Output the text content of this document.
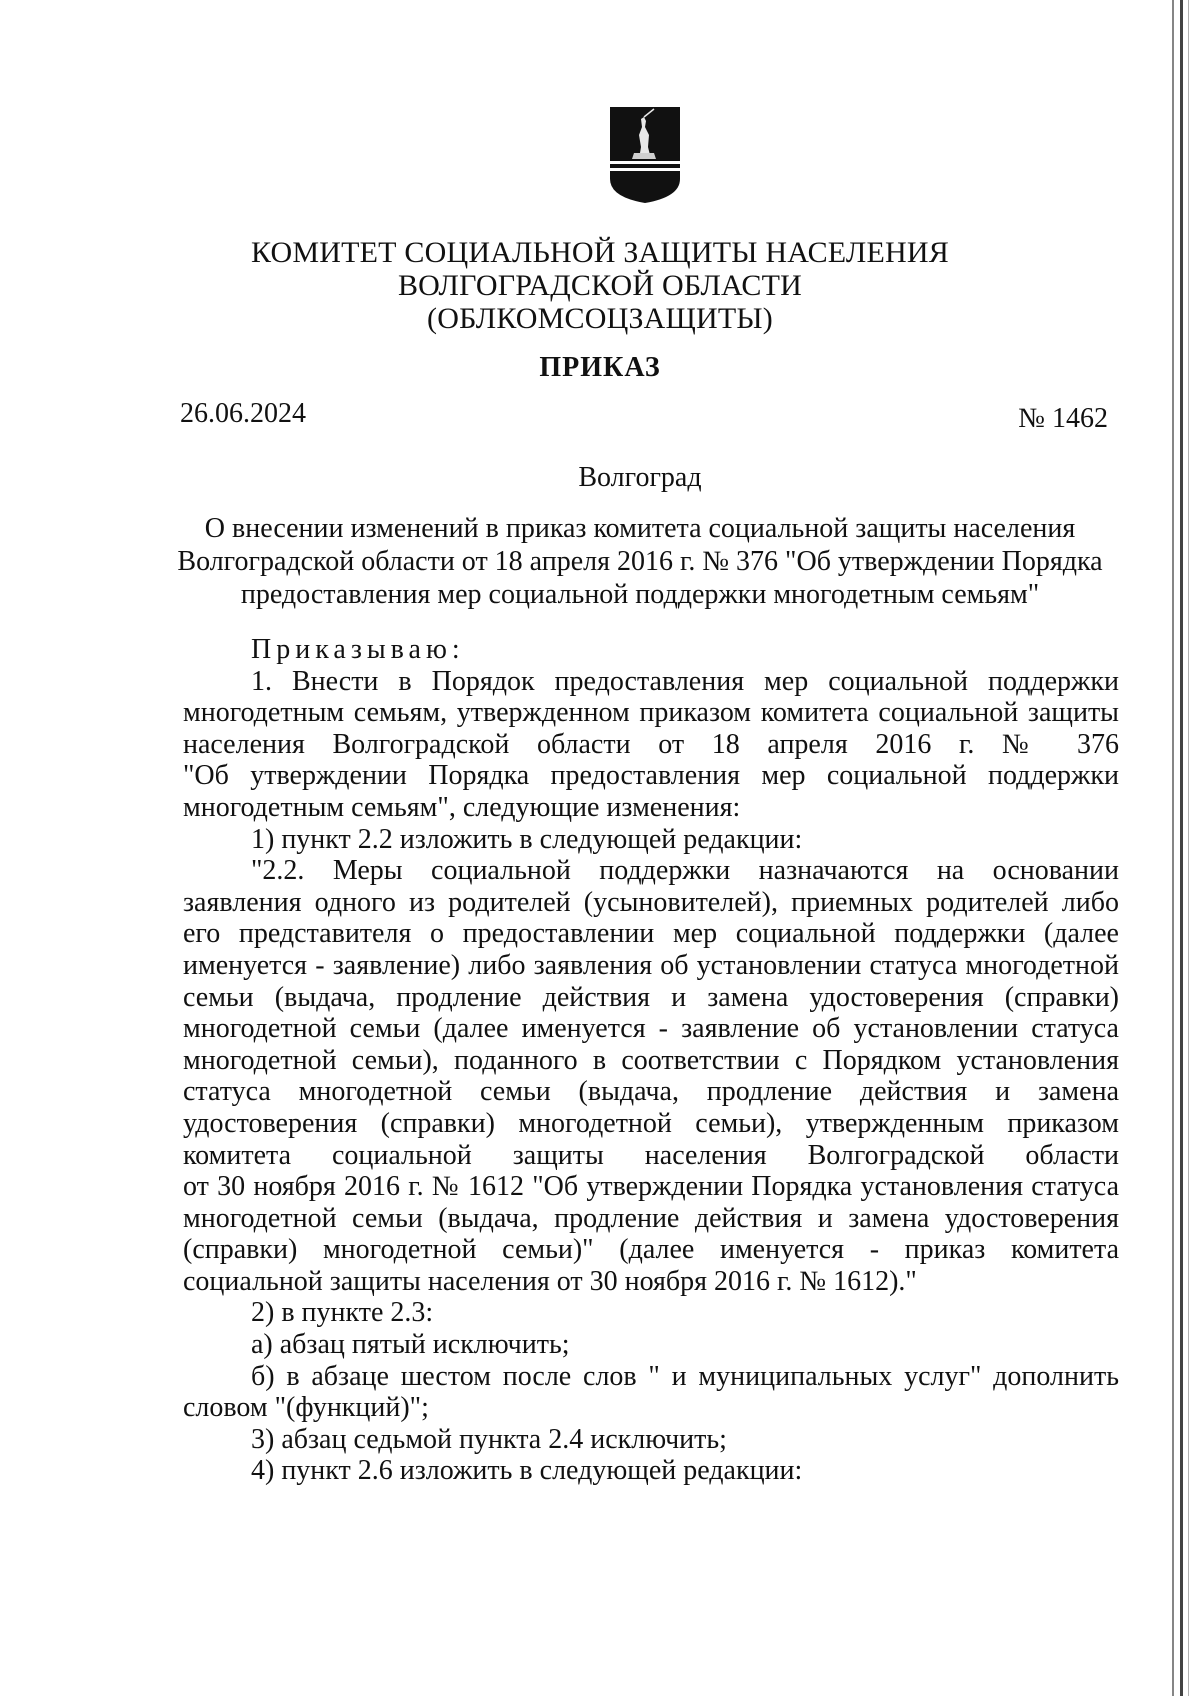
КОМИТЕТ СОЦИАЛЬНОЙ ЗАЩИТЫ НАСЕЛЕНИЯ
ВОЛГОГРАДСКОЙ ОБЛАСТИ
(ОБЛКОМСОЦЗАЩИТЫ)
ПРИКАЗ
26.06.2024	№ 1462
Волгоград
О внесении изменений в приказ комитета социальной защиты населения
Волгоградской области от 18 апреля 2016 г. № 376 "Об утверждении Порядка
предоставления мер социальной поддержки многодетным семьям"
Приказываю:
1. Внести в Порядок предоставления мер социальной поддержки
многодетным семьям, утвержденном приказом комитета социальной защиты
населения Волгоградской области от 18 апреля 2016 г. № 376
"Об утверждении Порядка предоставления мер социальной поддержки
многодетным семьям", следующие изменения:
1) пункт 2.2 изложить в следующей редакции:
"2.2. Меры социальной поддержки назначаются на основании
заявления одного из родителей (усыновителей), приемных родителей либо
его представителя о предоставлении мер социальной поддержки (далее
именуется - заявление) либо заявления об установлении статуса многодетной
семьи (выдача, продление действия и замена удостоверения (справки)
многодетной семьи (далее именуется - заявление об установлении статуса
многодетной семьи), поданного в соответствии с Порядком установления
статуса многодетной семьи (выдача, продление действия и замена
удостоверения (справки) многодетной семьи), утвержденным приказом
комитета социальной защиты населения Волгоградской области
от 30 ноября 2016 г. № 1612 "Об утверждении Порядка установления статуса
многодетной семьи (выдача, продление действия и замена удостоверения
(справки) многодетной семьи)" (далее именуется - приказ комитета
социальной защиты населения от 30 ноября 2016 г. № 1612)."
2) в пункте 2.3:
а) абзац пятый исключить;
б) в абзаце шестом после слов " и муниципальных услуг" дополнить
словом "(функций)";
3) абзац седьмой пункта 2.4 исключить;
4) пункт 2.6 изложить в следующей редакции:
